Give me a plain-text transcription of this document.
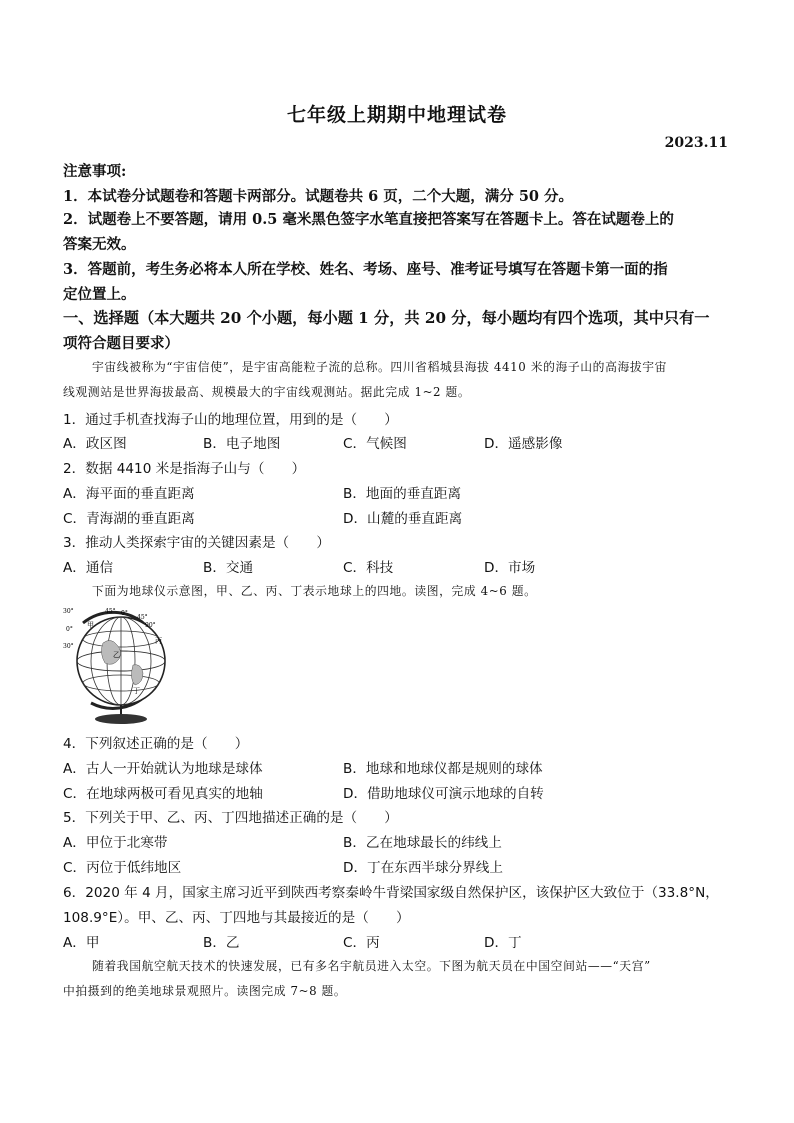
七年级上期期中地理试卷
2023.11
注意事项:
1．本试卷分试题卷和答题卡两部分。试题卷共 6 页，二个大题，满分 50 分。
2．试题卷上不要答题，请用 0.5 毫米黑色签字水笔直接把答案写在答题卡上。答在试题卷上的
答案无效。
3．答题前，考生务必将本人所在学校、姓名、考场、座号、准考证号填写在答题卡第一面的指
定位置上。
一、选择题（本大题共 20 个小题，每小题 1 分，共 20 分，每小题均有四个选项，其中只有一
项符合题目要求）
宇宙线被称为“宇宙信使”，是宇宙高能粒子流的总称。四川省稻城县海拔 4410 米的海子山的高海拔宇宙
线观测站是世界海拔最高、规模最大的宇宙线观测站。据此完成 1~2 题。
1．通过手机查找海子山的地理位置，用到的是（　　）
A．政区图	B．电子地图	C．气候图	D．遥感影像
2．数据 4410 米是指海子山与（　　）
A．海平面的垂直距离	B．地面的垂直距离
C．青海湖的垂直距离	D．山麓的垂直距离
3．推动人类探索宇宙的关键因素是（　　）
A．通信	B．交通	C．科技	D．市场
下面为地球仪示意图，甲、乙、丙、丁表示地球上的四地。读图，完成 4~6 题。
30°
0°
30°
45° 0°
45°
90°
甲
乙
丙
丁
4．下列叙述正确的是（　　）
A．古人一开始就认为地球是球体	B．地球和地球仪都是规则的球体
C．在地球两极可看见真实的地轴	D．借助地球仪可演示地球的自转
5．下列关于甲、乙、丙、丁四地描述正确的是（　　）
A．甲位于北寒带	B．乙在地球最长的纬线上
C．丙位于低纬地区	D．丁在东西半球分界线上
6．2020 年 4 月，国家主席习近平到陕西考察秦岭牛背梁国家级自然保护区，该保护区大致位于（33.8°N，
108.9°E）。甲、乙、丙、丁四地与其最接近的是（　　）
A．甲	B．乙	C．丙	D．丁
随着我国航空航天技术的快速发展，已有多名宇航员进入太空。下图为航天员在中国空间站——“天宫”
中拍摄到的绝美地球景观照片。读图完成 7~8 题。
